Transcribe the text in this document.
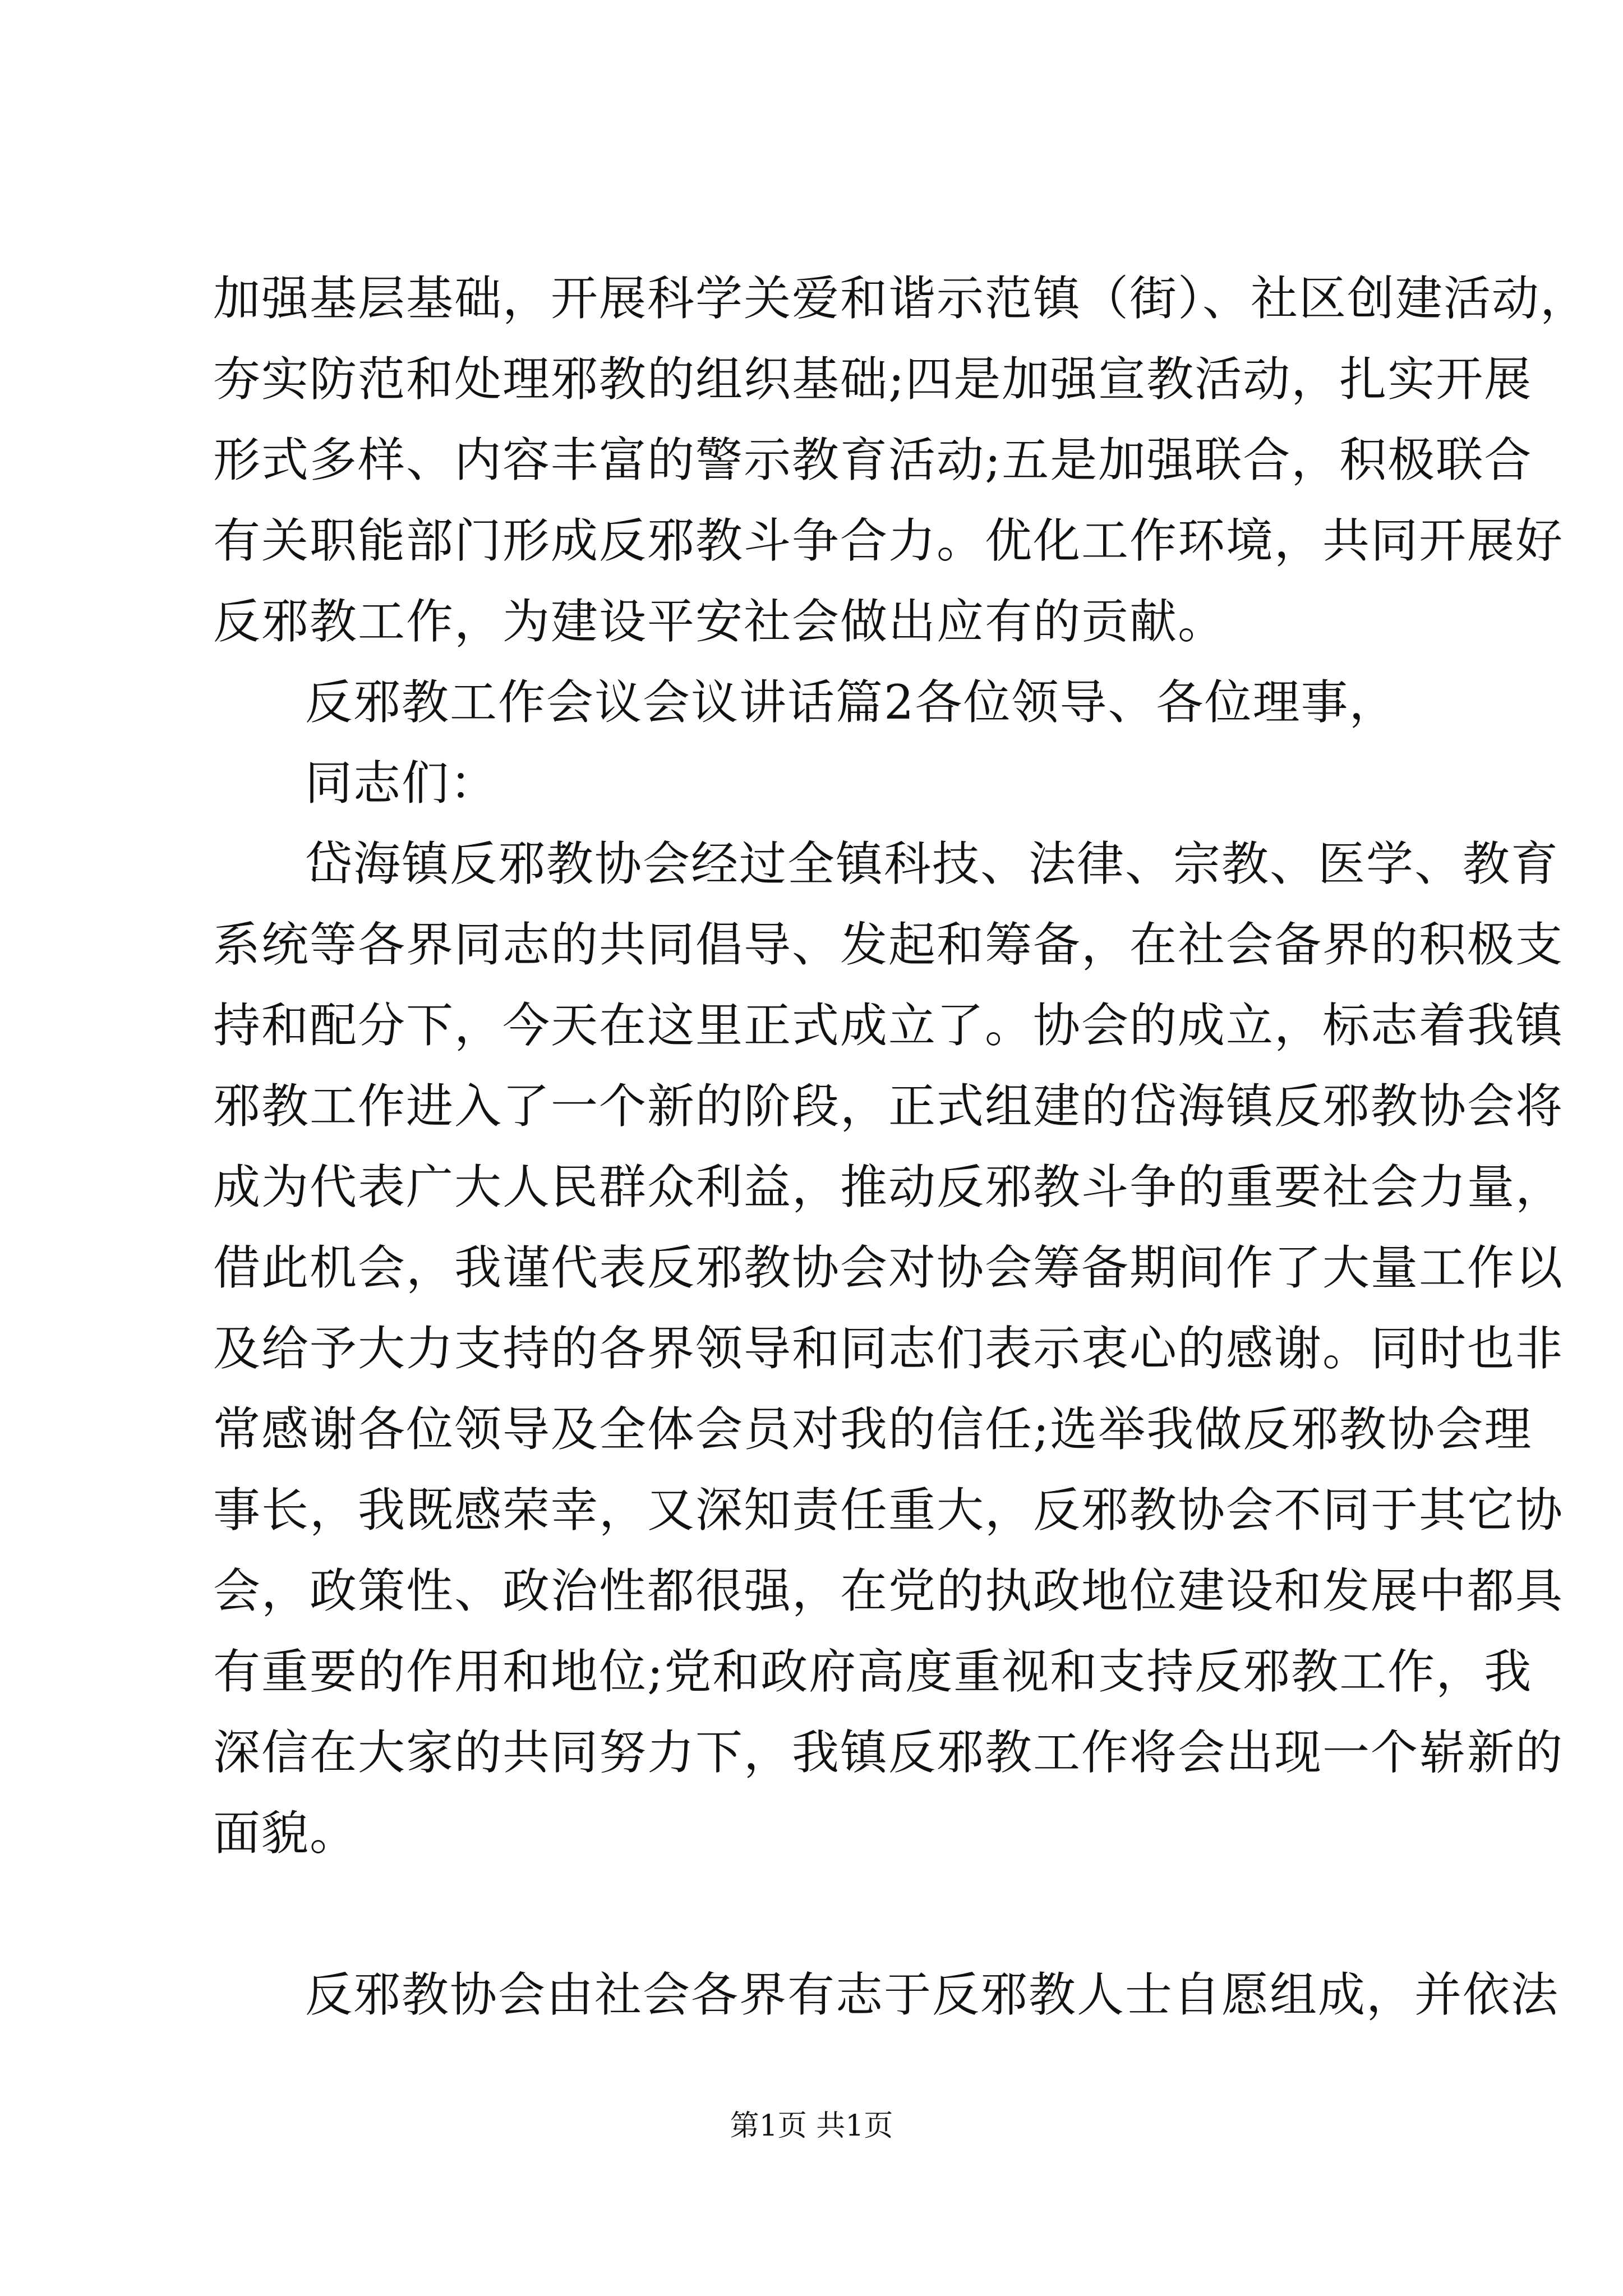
加强基层基础，开展科学关爱和谐示范镇（街）、社区创建活动，
夯实防范和处理邪教的组织基础;四是加强宣教活动，扎实开展
形式多样、内容丰富的警示教育活动;五是加强联合，积极联合
有关职能部门形成反邪教斗争合力。优化工作环境，共同开展好
反邪教工作，为建设平安社会做出应有的贡献。
反邪教工作会议会议讲话篇2各位领导、各位理事，
同志们：
岱海镇反邪教协会经过全镇科技、法律、宗教、医学、教育
系统等各界同志的共同倡导、发起和筹备，在社会备界的积极支
持和配分下，今天在这里正式成立了。协会的成立，标志着我镇
邪教工作进入了一个新的阶段，正式组建的岱海镇反邪教协会将
成为代表广大人民群众利益，推动反邪教斗争的重要社会力量，
借此机会，我谨代表反邪教协会对协会筹备期间作了大量工作以
及给予大力支持的各界领导和同志们表示衷心的感谢。同时也非
常感谢各位领导及全体会员对我的信任;选举我做反邪教协会理
事长，我既感荣幸，又深知责任重大，反邪教协会不同于其它协
会，政策性、政治性都很强，在党的执政地位建设和发展中都具
有重要的作用和地位;党和政府高度重视和支持反邪教工作，我
深信在大家的共同努力下，我镇反邪教工作将会出现一个崭新的
面貌。
反邪教协会由社会各界有志于反邪教人士自愿组成，并依法
第1页 共1页
